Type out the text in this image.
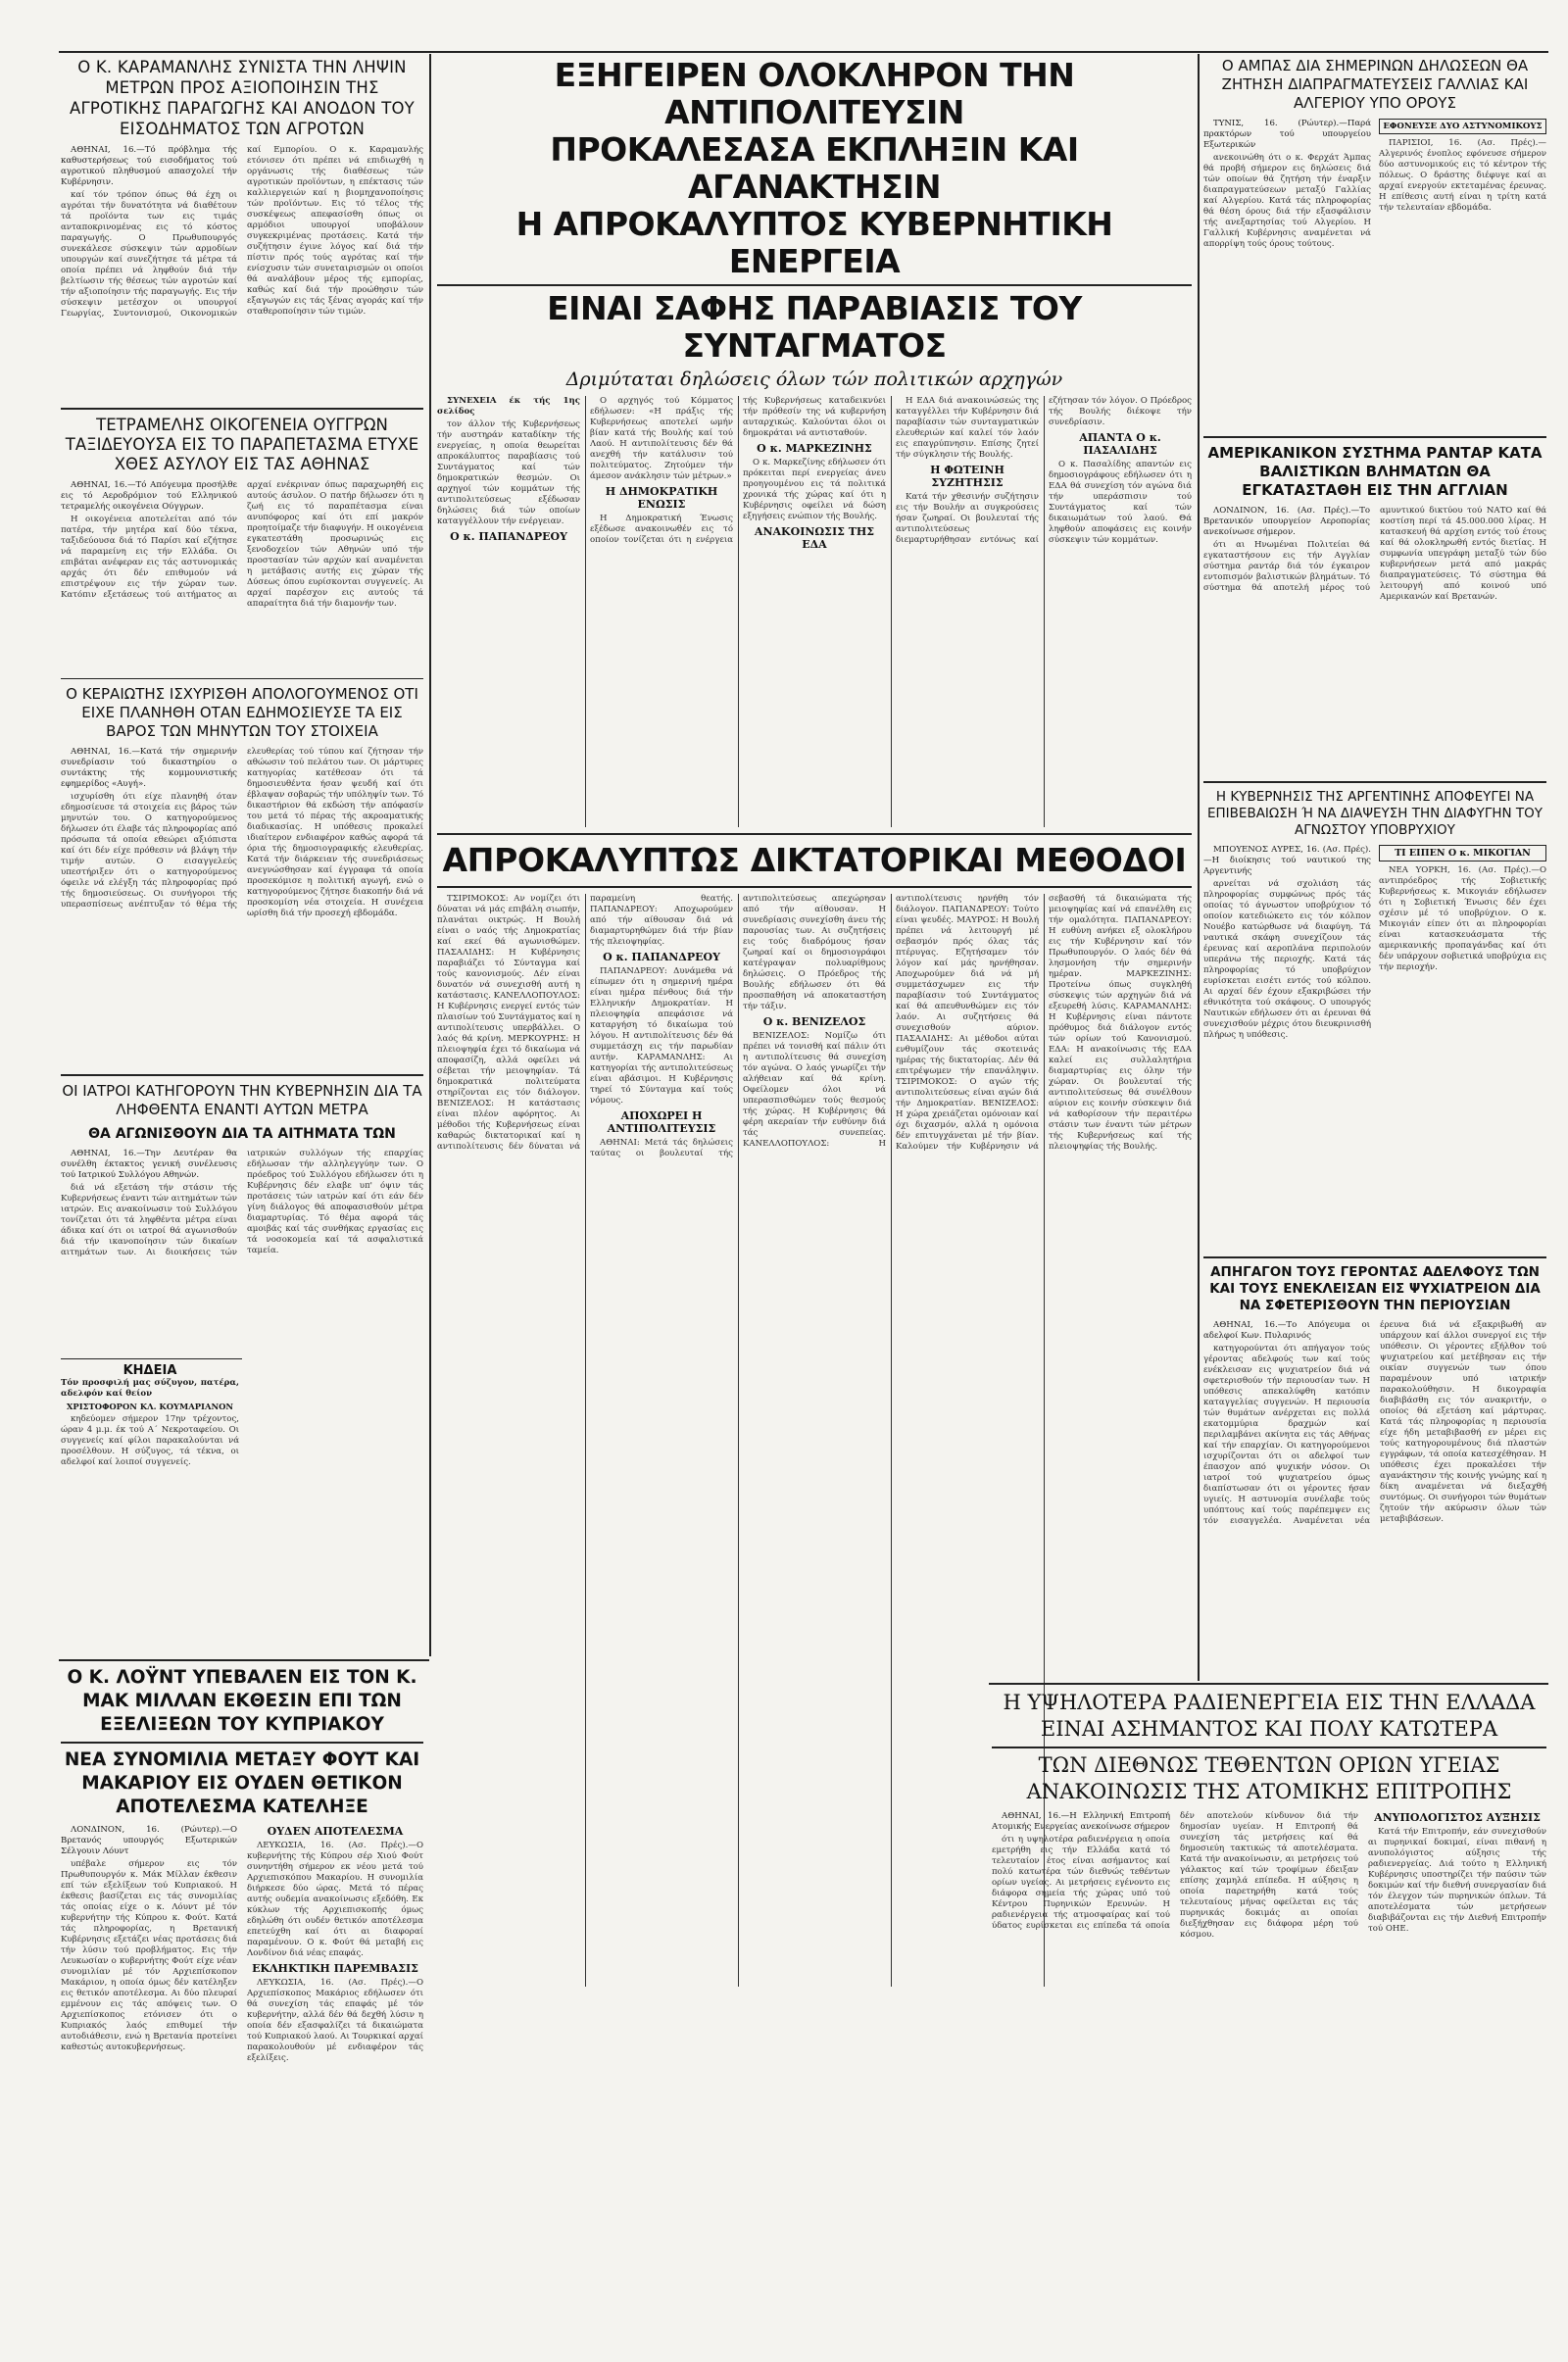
Ο Κ. ΚΑΡΑΜΑΝΛΗΣ ΣΥΝΙΣΤΑ ΤΗΝ ΛΗΨΙΝ ΜΕΤΡΩΝ ΠΡΟΣ ΑΞΙΟΠΟΙΗΣΙΝ ΤΗΣ ΑΓΡΟΤΙΚΗΣ ΠΑΡΑΓΩΓΗΣ ΚΑΙ ΑΝΟΔΟΝ ΤΟΥ ΕΙΣΟΔΗΜΑΤΟΣ ΤΩΝ ΑΓΡΟΤΩΝ

ΑΘΗΝΑΙ, 16.—Τό πρόβλημα τής καθυστερήσεως τού εισοδήματος τού αγροτικού πληθυσμού απασχολεί τήν Κυβέρνησιν.

καί τόν τρόπον όπως θά έχη οι αγρόται τήν δυνατότητα νά διαθέτουν τά προϊόντα των εις τιμάς ανταποκρινομένας εις τό κόστος παραγωγής. Ο Πρωθυπουργός συνεκάλεσε σύσκεψιν τών αρμοδίων υπουργών καί συνεζήτησε τά μέτρα τά οποία πρέπει νά ληφθούν διά τήν βελτίωσιν τής θέσεως τών αγροτών καί τήν αξιοποίησιν τής παραγωγής. Εις τήν σύσκεψιν μετέσχον οι υπουργοί Γεωργίας, Συντονισμού, Οικονομικών καί Εμπορίου. Ο κ. Καραμανλής ετόνισεν ότι πρέπει νά επιδιωχθή η οργάνωσις τής διαθέσεως τών αγροτικών προϊόντων, η επέκτασις τών καλλιεργειών καί η βιομηχανοποίησις τών προϊόντων. Εις τό τέλος τής συσκέψεως απεφασίσθη όπως οι αρμόδιοι υπουργοί υποβάλουν συγκεκριμένας προτάσεις. Κατά τήν συζήτησιν έγινε λόγος καί διά τήν πίστιν πρός τούς αγρότας καί τήν ενίσχυσιν τών συνεταιρισμών οι οποίοι θά αναλάβουν μέρος τής εμπορίας, καθώς καί διά τήν προώθησιν τών εξαγωγών εις τάς ξένας αγοράς καί τήν σταθεροποίησιν τών τιμών.

ΤΕΤΡΑΜΕΛΗΣ ΟΙΚΟΓΕΝΕΙΑ ΟΥΓΓΡΩΝ ΤΑΞΙΔΕΥΟΥΣΑ ΕΙΣ ΤΟ ΠΑΡΑΠΕΤΑΣΜΑ ΕΤΥΧΕ ΧΘΕΣ ΑΣΥΛΟΥ ΕΙΣ ΤΑΣ ΑΘΗΝΑΣ

ΑΘΗΝΑΙ, 16.—Τό Απόγευμα προσήλθε εις τό Αεροδρόμιον τού Ελληνικού τετραμελής οικογένεια Ούγγρων.

Η οικογένεια αποτελείται από τόν πατέρα, τήν μητέρα καί δύο τέκνα, ταξιδεύουσα διά τό Παρίσι καί εζήτησε νά παραμείνη εις τήν Ελλάδα. Οι επιβάται ανέφεραν εις τάς αστυνομικάς αρχάς ότι δέν επιθυμούν νά επιστρέψουν εις τήν χώραν των. Κατόπιν εξετάσεως τού αιτήματος αι αρχαί ενέκριναν όπως παραχωρηθή εις αυτούς άσυλον. Ο πατήρ δήλωσεν ότι η ζωή εις τό παραπέτασμα είναι ανυπόφορος καί ότι επί μακρόν προητοίμαζε τήν διαφυγήν. Η οικογένεια εγκατεστάθη προσωρινώς εις ξενοδοχείον τών Αθηνών υπό τήν προστασίαν τών αρχών καί αναμένεται η μετάβασις αυτής εις χώραν τής Δύσεως όπου ευρίσκονται συγγενείς. Αι αρχαί παρέσχον εις αυτούς τά απαραίτητα διά τήν διαμονήν των.

Ο ΚΕΡΑΙΩΤΗΣ ΙΣΧΥΡΙΣΘΗ ΑΠΟΛΟΓΟΥΜΕΝΟΣ ΟΤΙ ΕΙΧΕ ΠΛΑΝΗΘΗ ΟΤΑΝ ΕΔΗΜΟΣΙΕΥΣΕ ΤΑ ΕΙΣ ΒΑΡΟΣ ΤΩΝ ΜΗΝΥΤΩΝ ΤΟΥ ΣΤΟΙΧΕΙΑ

ΑΘΗΝΑΙ, 16.—Κατά τήν σημερινήν συνεδρίασιν τού δικαστηρίου ο συντάκτης τής κομμουνιστικής εφημερίδος «Αυγή».

ισχυρίσθη ότι είχε πλανηθή όταν εδημοσίευσε τά στοιχεία εις βάρος τών μηνυτών του. Ο κατηγορούμενος δήλωσεν ότι έλαβε τάς πληροφορίας από πρόσωπα τά οποία εθεώρει αξιόπιστα καί ότι δέν είχε πρόθεσιν νά βλάψη τήν τιμήν αυτών. Ο εισαγγελεύς υπεστήριξεν ότι ο κατηγορούμενος όφειλε νά ελέγξη τάς πληροφορίας πρό τής δημοσιεύσεως. Οι συνήγοροι τής υπερασπίσεως ανέπτυξαν τό θέμα τής ελευθερίας τού τύπου καί ζήτησαν τήν αθώωσιν τού πελάτου των. Οι μάρτυρες κατηγορίας κατέθεσαν ότι τά δημοσιευθέντα ήσαν ψευδή καί ότι έβλαψαν σοβαρώς τήν υπόληψίν των. Τό δικαστήριον θά εκδώση τήν απόφασίν του μετά τό πέρας τής ακροαματικής διαδικασίας. Η υπόθεσις προκαλεί ιδιαίτερον ενδιαφέρον καθώς αφορά τά όρια τής δημοσιογραφικής ελευθερίας. Κατά τήν διάρκειαν τής συνεδριάσεως ανεγνώσθησαν καί έγγραφα τά οποία προσεκόμισε η πολιτική αγωγή, ενώ ο κατηγορούμενος ζήτησε διακοπήν διά νά προσκομίση νέα στοιχεία. Η συνέχεια ωρίσθη διά τήν προσεχή εβδομάδα.

ΟΙ ΙΑΤΡΟΙ ΚΑΤΗΓΟΡΟΥΝ ΤΗΝ ΚΥΒΕΡΝΗΣΙΝ ΔΙΑ ΤΑ ΛΗΦΘΕΝΤΑ ΕΝΑΝΤΙ ΑΥΤΩΝ ΜΕΤΡΑ
ΘΑ ΑΓΩΝΙΣΘΟΥΝ ΔΙΑ ΤΑ ΑΙΤΗΜΑΤΑ ΤΩΝ

ΑΘΗΝΑΙ, 16.—Την Δευτέραν θα συνέλθη έκτακτος γενική συνέλευσις τού Ιατρικού Συλλόγου Αθηνών.

διά νά εξετάση τήν στάσιν τής Κυβερνήσεως έναντι τών αιτημάτων τών ιατρών. Εις ανακοίνωσιν τού Συλλόγου τονίζεται ότι τά ληφθέντα μέτρα είναι άδικα καί ότι οι ιατροί θά αγωνισθούν διά τήν ικανοποίησιν τών δικαίων αιτημάτων των. Αι διοικήσεις τών ιατρικών συλλόγων τής επαρχίας εδήλωσαν τήν αλληλεγγύην των. Ο πρόεδρος τού Συλλόγου εδήλωσεν ότι η Κυβέρνησις δέν ελαβε υπ' όψιν τάς προτάσεις τών ιατρών καί ότι εάν δέν γίνη διάλογος θά αποφασισθούν μέτρα διαμαρτυρίας. Τό θέμα αφορά τάς αμοιβάς καί τάς συνθήκας εργασίας εις τά νοσοκομεία καί τά ασφαλιστικά ταμεία.

ΚΗΔΕΙΑ

Τόν προσφιλή μας σύζυγον, πατέρα, αδελφόν καί θείον

ΧΡΙΣΤΟΦΟΡΟΝ ΚΛ. ΚΟΥΜΑΡΙΑΝΟΝ

κηδεύομεν σήμερον 17ην τρέχοντος, ώραν 4 μ.μ. έκ τού Α΄ Νεκροταφείου. Οι συγγενείς καί φίλοι παρακαλούνται νά προσέλθουν. Η σύζυγος, τά τέκνα, οι αδελφοί καί λοιποί συγγενείς.

ΕΞΗΓΕΙΡΕΝ ΟΛΟΚΛΗΡΟΝ ΤΗΝ ΑΝΤΙΠΟΛΙΤΕΥΣΙΝ
ΠΡΟΚΑΛΕΣΑΣΑ ΕΚΠΛΗΞΙΝ ΚΑΙ ΑΓΑΝΑΚΤΗΣΙΝ
Η ΑΠΡΟΚΑΛΥΠΤΟΣ ΚΥΒΕΡΝΗΤΙΚΗ ΕΝΕΡΓΕΙΑ
ΕΙΝΑΙ ΣΑΦΗΣ ΠΑΡΑΒΙΑΣΙΣ ΤΟΥ ΣΥΝΤΑΓΜΑΤΟΣ

Δριμύταται δηλώσεις όλων τών πολιτικών αρχηγών

ΣΥΝΕΧΕΙΑ έκ τής 1ης σελίδος

τον άλλον τής Κυβερνήσεως τήν αυστηράν καταδίκην τής ενεργείας, η οποία θεωρείται απροκάλυπτος παραβίασις τού Συντάγματος καί τών δημοκρατικών θεσμών. Οι αρχηγοί τών κομμάτων τής αντιπολιτεύσεως εξέδωσαν δηλώσεις διά τών οποίων καταγγέλλουν τήν ενέργειαν.

Ο κ. ΠΑΠΑΝΔΡΕΟΥ

Ο αρχηγός τού Κόμματος εδήλωσεν: «Η πράξις τής Κυβερνήσεως αποτελεί ωμήν βίαν κατά τής Βουλής καί τού Λαού. Η αντιπολίτευσις δέν θά ανεχθή τήν κατάλυσιν τού πολιτεύματος. Ζητούμεν τήν άμεσον ανάκλησιν τών μέτρων.»

Η ΔΗΜΟΚΡΑΤΙΚΗ ΕΝΩΣΙΣ

Η Δημοκρατική Ένωσις εξέδωσε ανακοινωθέν εις τό οποίον τονίζεται ότι η ενέργεια τής Κυβερνήσεως καταδεικνύει τήν πρόθεσίν της νά κυβερνήση αυταρχικώς. Καλούνται όλοι οι δημοκράται νά αντισταθούν.

Ο κ. ΜΑΡΚΕΖΙΝΗΣ

Ο κ. Μαρκεζίνης εδήλωσεν ότι πρόκειται περί ενεργείας άνευ προηγουμένου εις τά πολιτικά χρονικά τής χώρας καί ότι η Κυβέρνησις οφείλει νά δώση εξηγήσεις ενώπιον τής Βουλής.

ΑΝΑΚΟΙΝΩΣΙΣ ΤΗΣ ΕΔΑ

Η ΕΔΑ διά ανακοινώσεώς της καταγγέλλει τήν Κυβέρνησιν διά παραβίασιν τών συνταγματικών ελευθεριών καί καλεί τόν λαόν εις επαγρύπνησιν. Επίσης ζητεί τήν σύγκλησιν τής Βουλής.

Η ΦΩΤΕΙΝΗ ΣΥΖΗΤΗΣΙΣ

Κατά τήν χθεσινήν συζήτησιν εις τήν Βουλήν αι συγκρούσεις ήσαν ζωηραί. Οι βουλευταί τής αντιπολιτεύσεως διεμαρτυρήθησαν εντόνως καί εζήτησαν τόν λόγον. Ο Πρόεδρος τής Βουλής διέκοψε τήν συνεδρίασιν.

ΑΠΑΝΤΑ Ο κ. ΠΑΣΑΛΙΔΗΣ

Ο κ. Πασαλίδης απαντών εις δημοσιογράφους εδήλωσεν ότι η ΕΔΑ θά συνεχίση τόν αγώνα διά τήν υπεράσπισιν τού Συντάγματος καί τών δικαιωμάτων τού λαού. Θά ληφθούν αποφάσεις εις κοινήν σύσκεψιν τών κομμάτων.

ΑΠΡΟΚΑΛΥΠΤΩΣ ΔΙΚΤΑΤΟΡΙΚΑΙ ΜΕΘΟΔΟΙ

ΤΣΙΡΙΜΟΚΟΣ: Αν νομίζει ότι δύναται νά μάς επιβάλη σιωπήν, πλανάται οικτρώς. Η Βουλή είναι ο ναός τής Δημοκρατίας καί εκεί θά αγωνισθώμεν. ΠΑΣΑΛΙΔΗΣ: Η Κυβέρνησις παραβιάζει τό Σύνταγμα καί τούς κανονισμούς. Δέν είναι δυνατόν νά συνεχισθή αυτή η κατάστασις. ΚΑΝΕΛΛΟΠΟΥΛΟΣ: Η Κυβέρνησις ενεργεί εντός τών πλαισίων τού Συντάγματος καί η αντιπολίτευσις υπερβάλλει. Ο λαός θά κρίνη. ΜΕΡΚΟΥΡΗΣ: Η πλειοψηφία έχει τό δικαίωμα νά αποφασίζη, αλλά οφείλει νά σέβεται τήν μειοψηφίαν. Τά δημοκρατικά πολιτεύματα στηρίζονται εις τόν διάλογον. ΒΕΝΙΖΕΛΟΣ: Η κατάστασις είναι πλέον αφόρητος. Αι μέθοδοι τής Κυβερνήσεως είναι καθαρώς δικτατορικαί καί η αντιπολίτευσις δέν δύναται νά παραμείνη θεατής. ΠΑΠΑΝΔΡΕΟΥ: Αποχωρούμεν από τήν αίθουσαν διά νά διαμαρτυρηθώμεν διά τήν βίαν τής πλειοψηφίας.

Ο κ. ΠΑΠΑΝΔΡΕΟΥ

ΠΑΠΑΝΔΡΕΟΥ: Δυνάμεθα νά είπωμεν ότι η σημερινή ημέρα είναι ημέρα πένθους διά τήν Ελληνικήν Δημοκρατίαν. Η πλειοψηφία απεφάσισε νά καταργήση τό δικαίωμα τού λόγου. Η αντιπολίτευσις δέν θά συμμετάσχη εις τήν παρωδίαν αυτήν. ΚΑΡΑΜΑΝΛΗΣ: Αι κατηγορίαι τής αντιπολιτεύσεως είναι αβάσιμοι. Η Κυβέρνησις τηρεί τό Σύνταγμα καί τούς νόμους.

ΑΠΟΧΩΡΕΙ Η ΑΝΤΙΠΟΛΙΤΕΥΣΙΣ

ΑΘΗΝΑΙ: Μετά τάς δηλώσεις ταύτας οι βουλευταί τής αντιπολιτεύσεως απεχώρησαν από τήν αίθουσαν. Η συνεδρίασις συνεχίσθη άνευ τής παρουσίας των. Αι συζητήσεις εις τούς διαδρόμους ήσαν ζωηραί καί οι δημοσιογράφοι κατέγραψαν πολυαρίθμους δηλώσεις. Ο Πρόεδρος τής Βουλής εδήλωσεν ότι θά προσπαθήση νά αποκαταστήση τήν τάξιν.

Ο κ. ΒΕΝΙΖΕΛΟΣ

ΒΕΝΙΖΕΛΟΣ: Νομίζω ότι πρέπει νά τονισθή καί πάλιν ότι η αντιπολίτευσις θά συνεχίση τόν αγώνα. Ο λαός γνωρίζει τήν αλήθειαν καί θά κρίνη. Οφείλομεν όλοι νά υπερασπισθώμεν τούς θεσμούς τής χώρας. Η Κυβέρνησις θά φέρη ακεραίαν τήν ευθύνην διά τάς συνεπείας. ΚΑΝΕΛΛΟΠΟΥΛΟΣ: Η αντιπολίτευσις ηρνήθη τόν διάλογον. ΠΑΠΑΝΔΡΕΟΥ: Τούτο είναι ψευδές. ΜΑΥΡΟΣ: Η Βουλή πρέπει νά λειτουργή μέ σεβασμόν πρός όλας τάς πτέρυγας. Εζητήσαμεν τόν λόγον καί μάς ηρνήθησαν. Αποχωρούμεν διά νά μή συμμετάσχωμεν εις τήν παραβίασιν τού Συντάγματος καί θά απευθυνθώμεν εις τόν λαόν. Αι συζητήσεις θά συνεχισθούν αύριον. ΠΑΣΑΛΙΔΗΣ: Αι μέθοδοι αύται ενθυμίζουν τάς σκοτεινάς ημέρας τής δικτατορίας. Δέν θά επιτρέψωμεν τήν επανάληψιν. ΤΣΙΡΙΜΟΚΟΣ: Ο αγών τής αντιπολιτεύσεως είναι αγών διά τήν Δημοκρατίαν. ΒΕΝΙΖΕΛΟΣ: Η χώρα χρειάζεται ομόνοιαν καί όχι διχασμόν, αλλά η ομόνοια δέν επιτυγχάνεται μέ τήν βίαν. Καλούμεν τήν Κυβέρνησιν νά σεβασθή τά δικαιώματα τής μειοψηφίας καί νά επανέλθη εις τήν ομαλότητα. ΠΑΠΑΝΔΡΕΟΥ: Η ευθύνη ανήκει εξ ολοκλήρου εις τήν Κυβέρνησιν καί τόν Πρωθυπουργόν. Ο λαός δέν θά λησμονήση τήν σημερινήν ημέραν. ΜΑΡΚΕΖΙΝΗΣ: Προτείνω όπως συγκληθή σύσκεψις τών αρχηγών διά νά εξευρεθή λύσις. ΚΑΡΑΜΑΝΛΗΣ: Η Κυβέρνησις είναι πάντοτε πρόθυμος διά διάλογον εντός τών ορίων τού Κανονισμού. ΕΔΑ: Η ανακοίνωσις τής ΕΔΑ καλεί εις συλλαλητήρια διαμαρτυρίας εις όλην τήν χώραν. Οι βουλευταί τής αντιπολιτεύσεως θά συνέλθουν αύριον εις κοινήν σύσκεψιν διά νά καθορίσουν τήν περαιτέρω στάσιν των έναντι τών μέτρων τής Κυβερνήσεως καί τής πλειοψηφίας τής Βουλής.

Ο ΑΜΠΑΣ ΔΙΑ ΣΗΜΕΡΙΝΩΝ ΔΗΛΩΣΕΩΝ ΘΑ ΖΗΤΗΣΗ ΔΙΑΠΡΑΓΜΑΤΕΥΣΕΙΣ ΓΑΛΛΙΑΣ ΚΑΙ ΑΛΓΕΡΙΟΥ ΥΠΟ ΟΡΟΥΣ

ΤΥΝΙΣ, 16. (Ρώυτερ).—Παρά πρακτόρων τού υπουργείου Εξωτερικών

ανεκοινώθη ότι ο κ. Φερχάτ Άμπας θά προβή σήμερον εις δηλώσεις διά τών οποίων θά ζητήση τήν έναρξιν διαπραγματεύσεων μεταξύ Γαλλίας καί Αλγερίου. Κατά τάς πληροφορίας θά θέση όρους διά τήν εξασφάλισιν τής ανεξαρτησίας τού Αλγερίου. Η Γαλλική Κυβέρνησις αναμένεται νά απορρίψη τούς όρους τούτους.

ΕΦΟΝΕΥΣΕ ΔΥΟ ΑΣΤΥΝΟΜΙΚΟΥΣ

ΠΑΡΙΣΙΟΙ, 16. (Ασ. Πρές).—Αλγερινός ένοπλος εφόνευσε σήμερον δύο αστυνομικούς εις τό κέντρον τής πόλεως. Ο δράστης διέφυγε καί αι αρχαί ενεργούν εκτεταμένας έρευνας. Η επίθεσις αυτή είναι η τρίτη κατά τήν τελευταίαν εβδομάδα.

ΑΜΕΡΙΚΑΝΙΚΟΝ ΣΥΣΤΗΜΑ ΡΑΝΤΑΡ ΚΑΤΑ ΒΑΛΙΣΤΙΚΩΝ ΒΛΗΜΑΤΩΝ ΘΑ ΕΓΚΑΤΑΣΤΑΘΗ ΕΙΣ ΤΗΝ ΑΓΓΛΙΑΝ

ΛΟΝΔΙΝΟΝ, 16. (Ασ. Πρές).—Το Βρετανικόν υπουργείον Αεροπορίας ανεκοίνωσε σήμερον.

ότι αι Ηνωμέναι Πολιτείαι θά εγκαταστήσουν εις τήν Αγγλίαν σύστημα ραντάρ διά τόν έγκαιρον εντοπισμόν βαλιστικών βλημάτων. Τό σύστημα θά αποτελή μέρος τού αμυντικού δικτύου τού ΝΑΤΟ καί θά κοστίση περί τά 45.000.000 λίρας. Η κατασκευή θά αρχίση εντός τού έτους καί θά ολοκληρωθή εντός διετίας. Η συμφωνία υπεγράφη μεταξύ τών δύο κυβερνήσεων μετά από μακράς διαπραγματεύσεις. Τό σύστημα θά λειτουργή από κοινού υπό Αμερικανών καί Βρετανών.

Η ΚΥΒΕΡΝΗΣΙΣ ΤΗΣ ΑΡΓΕΝΤΙΝΗΣ ΑΠΟΦΕΥΓΕΙ ΝΑ ΕΠΙΒΕΒΑΙΩΣΗ Ή ΝΑ ΔΙΑΨΕΥΣΗ ΤΗΝ ΔΙΑΦΥΓΗΝ ΤΟΥ ΑΓΝΩΣΤΟΥ ΥΠΟΒΡΥΧΙΟΥ

ΜΠΟΥΕΝΟΣ ΑΫΡΕΣ, 16. (Ασ. Πρές).—Η διοίκησις τού ναυτικού της Αργεντινής

αρνείται νά σχολιάση τάς πληροφορίας συμφώνως πρός τάς οποίας τό άγνωστον υποβρύχιον τό οποίον κατεδιώκετο εις τόν κόλπον Νουέβο κατώρθωσε νά διαφύγη. Τά ναυτικά σκάφη συνεχίζουν τάς έρευνας καί αεροπλάνα περιπολούν υπεράνω τής περιοχής. Κατά τάς πληροφορίας τό υποβρύχιον ευρίσκεται εισέτι εντός τού κόλπου. Αι αρχαί δέν έχουν εξακριβώσει τήν εθνικότητα τού σκάφους. Ο υπουργός Ναυτικών εδήλωσεν ότι αι έρευναι θά συνεχισθούν μέχρις ότου διευκρινισθή πλήρως η υπόθεσις.

ΤΙ ΕΙΠΕΝ Ο κ. ΜΙΚΟΓΙΑΝ

ΝΕΑ ΥΟΡΚΗ, 16. (Ασ. Πρές).—Ο αντιπρόεδρος τής Σοβιετικής Κυβερνήσεως κ. Μικογιάν εδήλωσεν ότι η Σοβιετική Ένωσις δέν έχει σχέσιν μέ τό υποβρύχιον. Ο κ. Μικογιάν είπεν ότι αι πληροφορίαι είναι κατασκευάσματα τής αμερικανικής προπαγάνδας καί ότι δέν υπάρχουν σοβιετικά υποβρύχια εις τήν περιοχήν.

ΑΠΗΓΑΓΟΝ ΤΟΥΣ ΓΕΡΟΝΤΑΣ ΑΔΕΛΦΟΥΣ ΤΩΝ ΚΑΙ ΤΟΥΣ ΕΝΕΚΛΕΙΣΑΝ ΕΙΣ ΨΥΧΙΑΤΡΕΙΟΝ ΔΙΑ ΝΑ ΣΦΕΤΕΡΙΣΘΟΥΝ ΤΗΝ ΠΕΡΙΟΥΣΙΑΝ

ΑΘΗΝΑΙ, 16.—Το Απόγευμα οι αδελφοί Κων. Πυλαρινός

κατηγορούνται ότι απήγαγον τούς γέροντας αδελφούς των καί τούς ενέκλεισαν εις ψυχιατρείον διά νά σφετερισθούν τήν περιουσίαν των. Η υπόθεσις απεκαλύφθη κατόπιν καταγγελίας συγγενών. Η περιουσία τών θυμάτων ανέρχεται εις πολλά εκατομμύρια δραχμών καί περιλαμβάνει ακίνητα εις τάς Αθήνας καί τήν επαρχίαν. Οι κατηγορούμενοι ισχυρίζονται ότι οι αδελφοί των έπασχον από ψυχικήν νόσον. Οι ιατροί τού ψυχιατρείου όμως διαπίστωσαν ότι οι γέροντες ήσαν υγιείς. Η αστυνομία συνέλαβε τούς υπόπτους καί τούς παρέπεμψεν εις τόν εισαγγελέα. Αναμένεται νέα έρευνα διά νά εξακριβωθή αν υπάρχουν καί άλλοι συνεργοί εις τήν υπόθεσιν. Οι γέροντες εξήλθον τού ψυχιατρείου καί μετέβησαν εις τήν οικίαν συγγενών των όπου παραμένουν υπό ιατρικήν παρακολούθησιν. Η δικογραφία διαβιβάσθη εις τόν ανακριτήν, ο οποίος θά εξετάση καί μάρτυρας. Κατά τάς πληροφορίας η περιουσία είχε ήδη μεταβιβασθή εν μέρει εις τούς κατηγορουμένους διά πλαστών εγγράφων, τά οποία κατεσχέθησαν. Η υπόθεσις έχει προκαλέσει τήν αγανάκτησιν τής κοινής γνώμης καί η δίκη αναμένεται νά διεξαχθή συντόμως. Οι συνήγοροι τών θυμάτων ζητούν τήν ακύρωσιν όλων τών μεταβιβάσεων.

Ο Κ. ΛΟΫΝΤ ΥΠΕΒΑΛΕΝ ΕΙΣ ΤΟΝ Κ. ΜΑΚ ΜΙΛΛΑΝ ΕΚΘΕΣΙΝ ΕΠΙ ΤΩΝ ΕΞΕΛΙΞΕΩΝ ΤΟΥ ΚΥΠΡΙΑΚΟΥ
ΝΕΑ ΣΥΝΟΜΙΛΙΑ ΜΕΤΑΞΥ ΦΟΥΤ ΚΑΙ ΜΑΚΑΡΙΟΥ ΕΙΣ ΟΥΔΕΝ ΘΕΤΙΚΟΝ ΑΠΟΤΕΛΕΣΜΑ ΚΑΤΕΛΗΞΕ

ΛΟΝΔΙΝΟΝ, 16. (Ρώυτερ).—Ο Βρετανός υπουργός Εξωτερικών Σέλγουιν Λόυντ

υπέβαλε σήμερον εις τόν Πρωθυπουργόν κ. Μάκ Μίλλαν έκθεσιν επί τών εξελίξεων τού Κυπριακού. Η έκθεσις βασίζεται εις τάς συνομιλίας τάς οποίας είχε ο κ. Λόυντ μέ τόν κυβερνήτην τής Κύπρου κ. Φούτ. Κατά τάς πληροφορίας, η Βρετανική Κυβέρνησις εξετάζει νέας προτάσεις διά τήν λύσιν τού προβλήματος. Εις τήν Λευκωσίαν ο κυβερνήτης Φούτ είχε νέαν συνομιλίαν μέ τόν Αρχιεπίσκοπον Μακάριον, η οποία όμως δέν κατέληξεν εις θετικόν αποτέλεσμα. Αι δύο πλευραί εμμένουν εις τάς απόψεις των. Ο Αρχιεπίσκοπος ετόνισεν ότι ο Κυπριακός λαός επιθυμεί τήν αυτοδιάθεσιν, ενώ η Βρετανία προτείνει καθεστώς αυτοκυβερνήσεως.

ΟΥΔΕΝ ΑΠΟΤΕΛΕΣΜΑ

ΛΕΥΚΩΣΙΑ, 16. (Ασ. Πρές).—Ο κυβερνήτης τής Κύπρου σέρ Χιού Φούτ συνηντήθη σήμερον εκ νέου μετά τού Αρχιεπισκόπου Μακαρίου. Η συνομιλία διήρκεσε δύο ώρας. Μετά τό πέρας αυτής ουδεμία ανακοίνωσις εξεδόθη. Εκ κύκλων τής Αρχιεπισκοπής όμως εδηλώθη ότι ουδέν θετικόν αποτέλεσμα επετεύχθη καί ότι αι διαφοραί παραμένουν. Ο κ. Φούτ θά μεταβή εις Λονδίνον διά νέας επαφάς.

ΕΚΛΗΚΤΙΚΗ ΠΑΡΕΜΒΑΣΙΣ

ΛΕΥΚΩΣΙΑ, 16. (Ασ. Πρές).—Ο Αρχιεπίσκοπος Μακάριος εδήλωσεν ότι θά συνεχίση τάς επαφάς μέ τόν κυβερνήτην, αλλά δέν θά δεχθή λύσιν η οποία δέν εξασφαλίζει τά δικαιώματα τού Κυπριακού λαού. Αι Τουρκικαί αρχαί παρακολουθούν μέ ενδιαφέρον τάς εξελίξεις.

Η ΥΨΗΛΟΤΕΡΑ ΡΑΔΙΕΝΕΡΓΕΙΑ ΕΙΣ ΤΗΝ ΕΛΛΑΔΑ ΕΙΝΑΙ ΑΣΗΜΑΝΤΟΣ ΚΑΙ ΠΟΛΥ ΚΑΤΩΤΕΡΑ
ΤΩΝ ΔΙΕΘΝΩΣ ΤΕΘΕΝΤΩΝ ΟΡΙΩΝ ΥΓΕΙΑΣ ΑΝΑΚΟΙΝΩΣΙΣ ΤΗΣ ΑΤΟΜΙΚΗΣ ΕΠΙΤΡΟΠΗΣ

ΑΘΗΝΑΙ, 16.—Η Ελληνική Επιτροπή Ατομικής Ενεργείας ανεκοίνωσε σήμερον

ότι η υψηλοτέρα ραδιενέργεια η οποία εμετρήθη εις τήν Ελλάδα κατά τό τελευταίον έτος είναι ασήμαντος καί πολύ κατωτέρα τών διεθνώς τεθέντων ορίων υγείας. Αι μετρήσεις εγένοντο εις διάφορα σημεία τής χώρας υπό τού Κέντρου Πυρηνικών Ερευνών. Η ραδιενέργεια τής ατμοσφαίρας καί τού ύδατος ευρίσκεται εις επίπεδα τά οποία δέν αποτελούν κίνδυνον διά τήν δημοσίαν υγείαν. Η Επιτροπή θά συνεχίση τάς μετρήσεις καί θά δημοσιεύη τακτικώς τά αποτελέσματα. Κατά τήν ανακοίνωσιν, αι μετρήσεις τού γάλακτος καί τών τροφίμων έδειξαν επίσης χαμηλά επίπεδα. Η αύξησις η οποία παρετηρήθη κατά τούς τελευταίους μήνας οφείλεται εις τάς πυρηνικάς δοκιμάς αι οποίαι διεξήχθησαν εις διάφορα μέρη τού κόσμου.

ΑΝΥΠΟΛΟΓΙΣΤΟΣ ΑΥΞΗΣΙΣ

Κατά τήν Επιτροπήν, εάν συνεχισθούν αι πυρηνικαί δοκιμαί, είναι πιθανή η ανυπολόγιστος αύξησις τής ραδιενεργείας. Διά τούτο η Ελληνική Κυβέρνησις υποστηρίζει τήν παύσιν τών δοκιμών καί τήν διεθνή συνεργασίαν διά τόν έλεγχον τών πυρηνικών όπλων. Τά αποτελέσματα τών μετρήσεων διαβιβάζονται εις τήν Διεθνή Επιτροπήν τού ΟΗΕ.
